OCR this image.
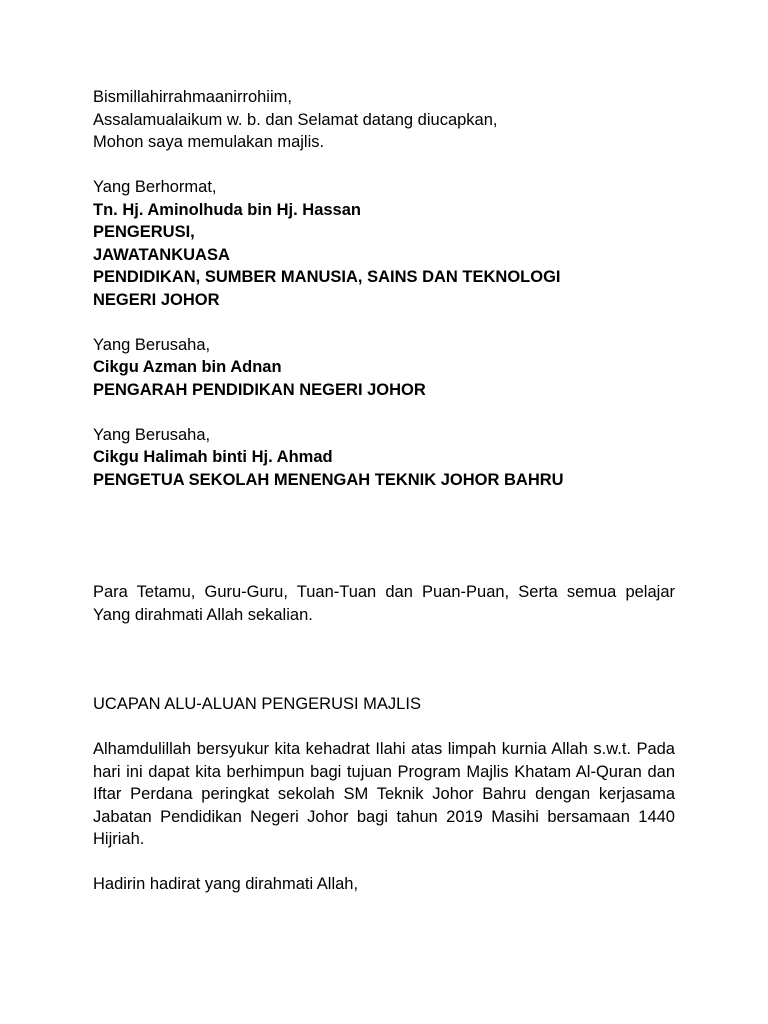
Bismillahirrahmaanirrohiim,
Assalamualaikum w. b. dan Selamat datang diucapkan,
Mohon saya memulakan majlis.
Yang Berhormat,
Tn. Hj. Aminolhuda bin Hj. Hassan
PENGERUSI,
JAWATANKUASA
PENDIDIKAN, SUMBER MANUSIA, SAINS DAN TEKNOLOGI
NEGERI JOHOR
Yang Berusaha,
Cikgu Azman bin Adnan
PENGARAH PENDIDIKAN NEGERI JOHOR
Yang Berusaha,
Cikgu Halimah binti Hj. Ahmad
PENGETUA SEKOLAH MENENGAH TEKNIK JOHOR BAHRU
Para Tetamu, Guru-Guru, Tuan-Tuan dan Puan-Puan, Serta semua pelajar Yang dirahmati Allah sekalian.
UCAPAN ALU-ALUAN PENGERUSI MAJLIS
Alhamdulillah bersyukur kita kehadrat Ilahi atas limpah kurnia Allah s.w.t. Pada hari ini dapat kita berhimpun bagi tujuan Program Majlis Khatam Al-Quran dan Iftar Perdana peringkat sekolah SM Teknik Johor Bahru dengan kerjasama Jabatan Pendidikan Negeri Johor bagi tahun 2019 Masihi bersamaan 1440 Hijriah.
Hadirin hadirat yang dirahmati Allah,
